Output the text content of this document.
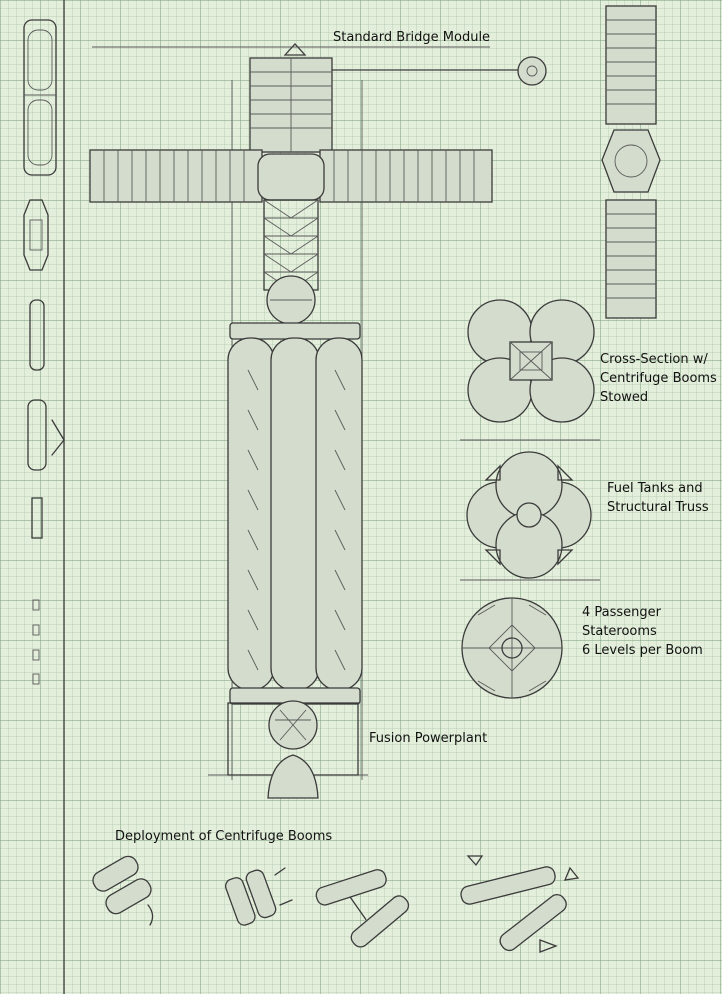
Standard Bridge Module
Cross-Section w/
Centrifuge Booms
Stowed
Fuel Tanks and
Structural Truss
4 Passenger
Staterooms
6 Levels per Boom
Fusion Powerplant
Deployment of Centrifuge Booms
